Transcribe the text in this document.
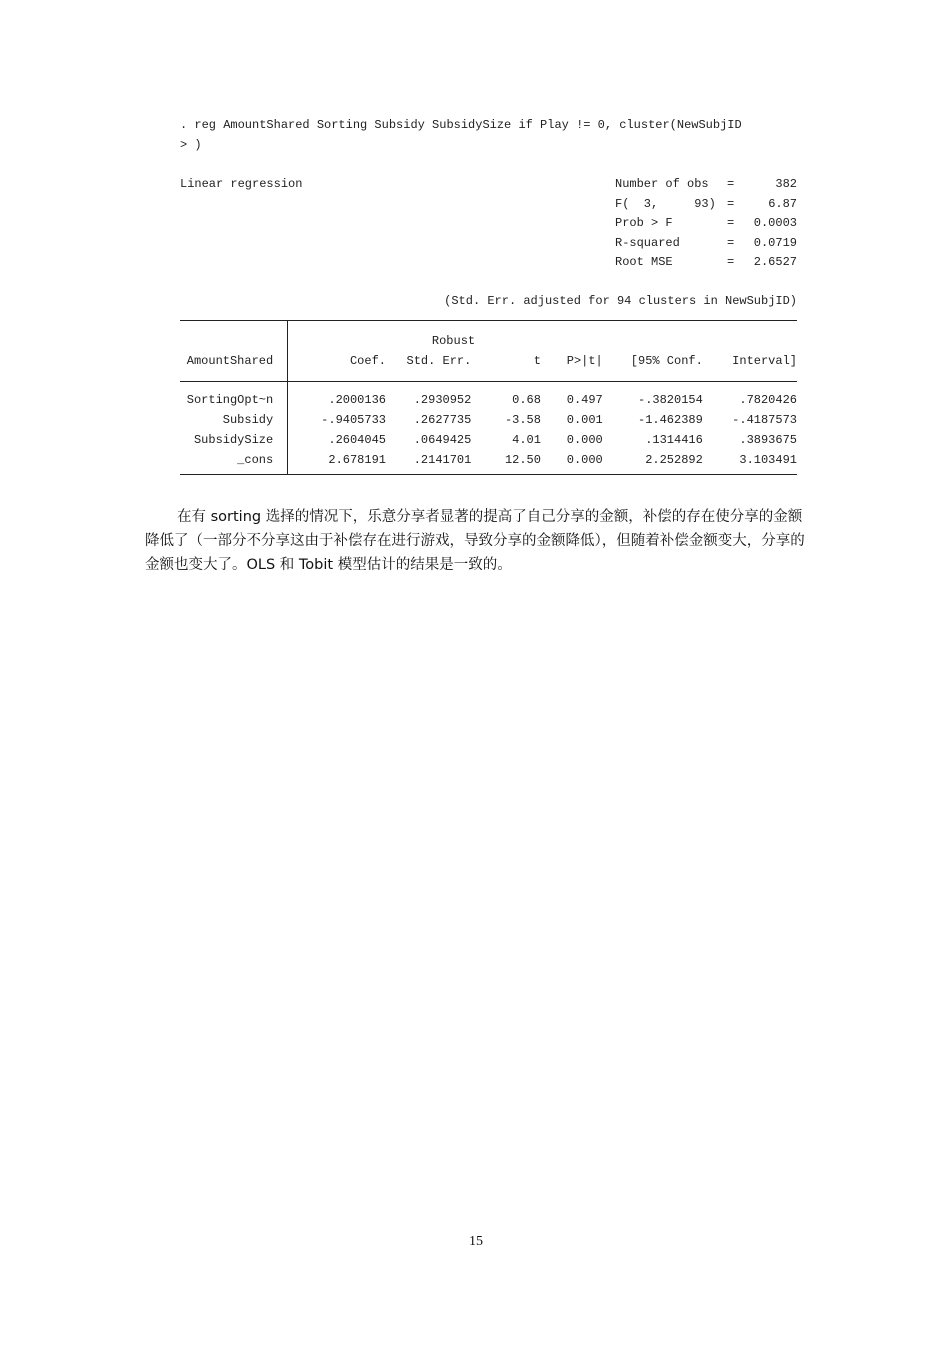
. reg AmountShared Sorting Subsidy SubsidySize if Play != 0, cluster(NewSubjID
> )
Linear regression	Number of obs	=	382
F(  3,     93) =	6.87
Prob > F	=	0.0003
R-squared	=	0.0719
Root MSE	=	2.6527
(Std. Err. adjusted for 94 clusters in NewSubjID)
Robust
AmountShared	Coef.	Std. Err.	t	P>|t|	[95% Conf.	Interval]
SortingOpt~n	.2000136	.2930952	0.68	0.497	-.3820154	.7820426
Subsidy	-.9405733	.2627735	-3.58	0.001	-1.462389	-.4187573
SubsidySize	.2604045	.0649425	4.01	0.000	.1314416	.3893675
_cons	2.678191	.2141701	12.50	0.000	2.252892	3.103491

在有 sorting 选择的情况下，乐意分享者显著的提高了自己分享的金额，补偿的存在使分享的金额降低了（一部分不分享这由于补偿存在进行游戏，导致分享的金额降低），但随着补偿金额变大，分享的金额也变大了。OLS 和 Tobit 模型估计的结果是一致的。

15
